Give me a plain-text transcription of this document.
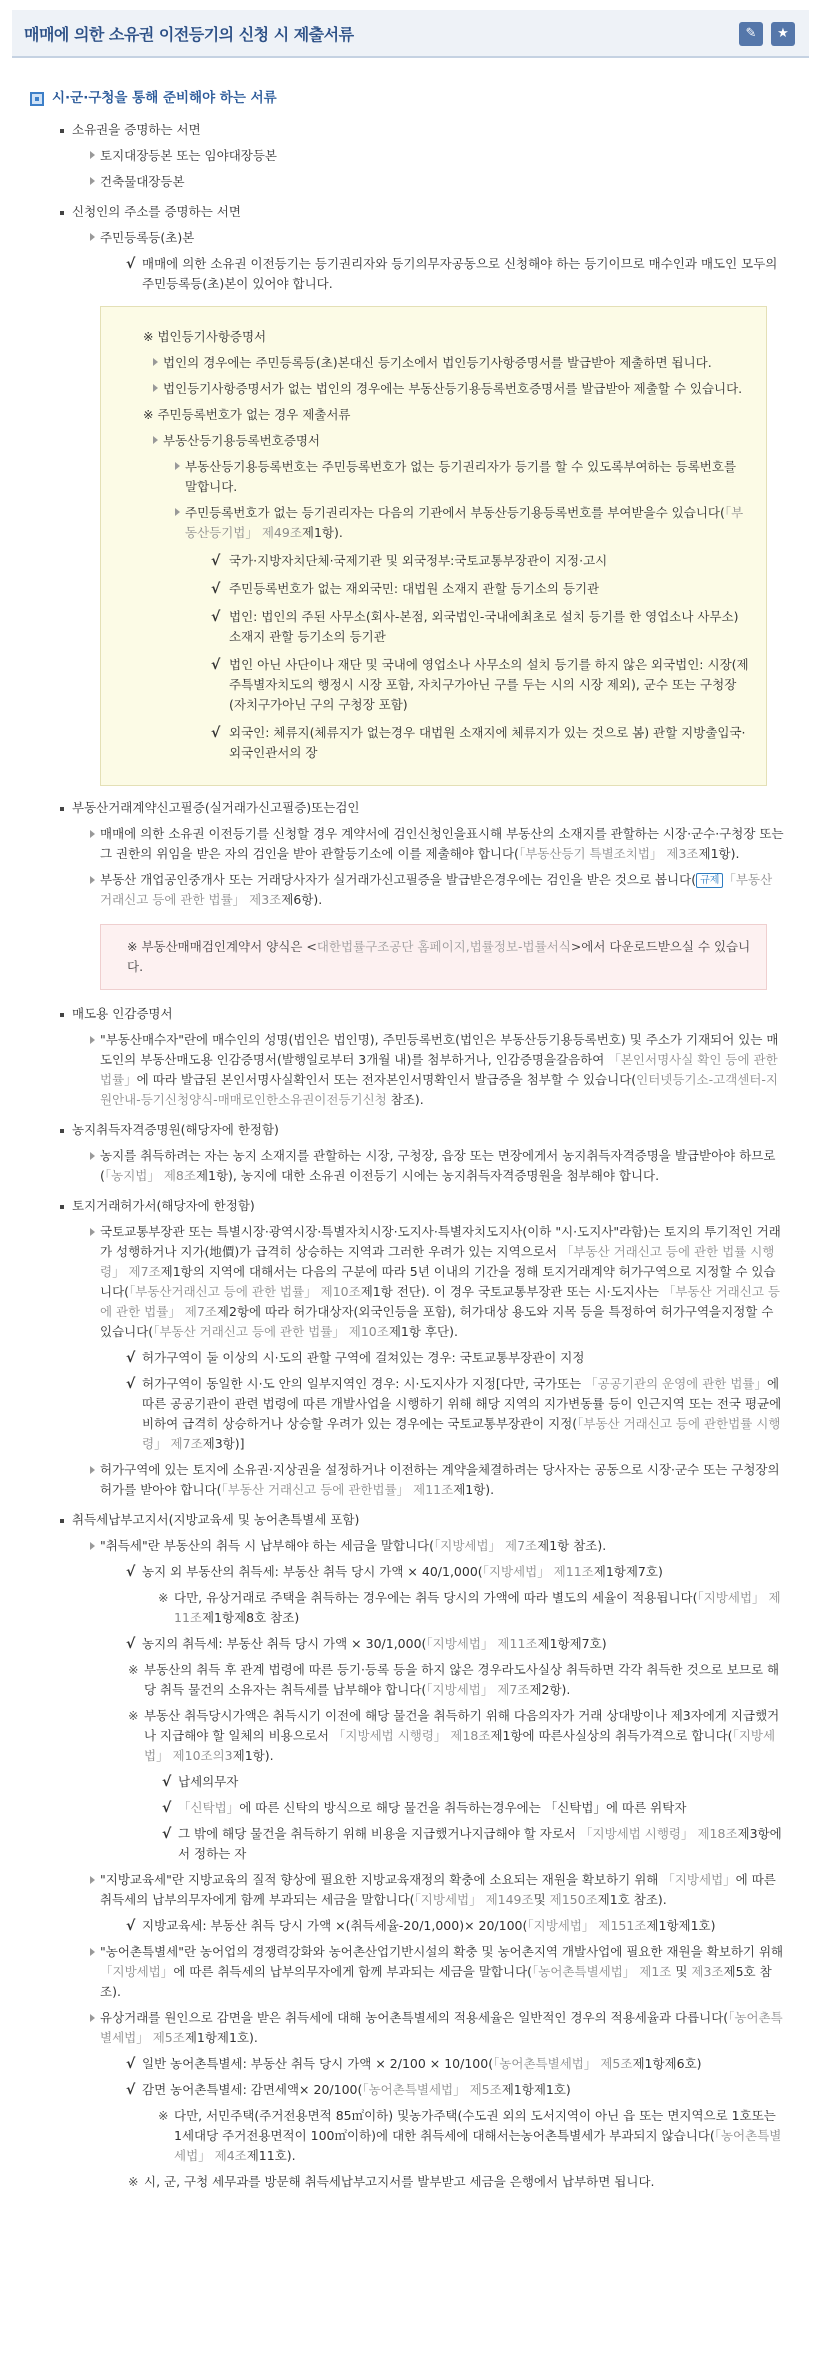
매매에 의한 소유권 이전등기의 신청 시 제출서류	✎	★
시·군·구청을 통해 준비해야 하는 서류
소유권을 증명하는 서면
토지대장등본 또는 임야대장등본
건축물대장등본
신청인의 주소를 증명하는 서면
주민등록등(초)본
√ 매매에 의한 소유권 이전등기는 등기권리자와 등기의무자공동으로 신청해야 하는 등기이므로 매수인과 매도인 모두의 주민등록등(초)본이 있어야 합니다.
※ 법인등기사항증명서
법인의 경우에는 주민등록등(초)본대신 등기소에서 법인등기사항증명서를 발급받아 제출하면 됩니다.
법인등기사항증명서가 없는 법인의 경우에는 부동산등기용등록번호증명서를 발급받아 제출할 수 있습니다.
※ 주민등록번호가 없는 경우 제출서류
부동산등기용등록번호증명서
부동산등기용등록번호는 주민등록번호가 없는 등기권리자가 등기를 할 수 있도록부여하는 등록번호를 말합니다.
주민등록번호가 없는 등기권리자는 다음의 기관에서 부동산등기용등록번호를 부여받을수 있습니다(「부동산등기법」 제49조제1항).
√ 국가·지방자치단체·국제기관 및 외국정부:국토교통부장관이 지정·고시
√ 주민등록번호가 없는 재외국민: 대법원 소재지 관할 등기소의 등기관
√ 법인: 법인의 주된 사무소(회사-본점, 외국법인-국내에최초로 설치 등기를 한 영업소나 사무소) 소재지 관할 등기소의 등기관
√ 법인 아닌 사단이나 재단 및 국내에 영업소나 사무소의 설치 등기를 하지 않은 외국법인: 시장(제주특별자치도의 행정시 시장 포함, 자치구가아닌 구를 두는 시의 시장 제외), 군수 또는 구청장(자치구가아닌 구의 구청장 포함)
√ 외국인: 체류지(체류지가 없는경우 대법원 소재지에 체류지가 있는 것으로 봄) 관할 지방출입국·외국인관서의 장
부동산거래계약신고필증(실거래가신고필증)또는검인
매매에 의한 소유권 이전등기를 신청할 경우 계약서에 검인신청인을표시해 부동산의 소재지를 관할하는 시장·군수·구청장 또는 그 권한의 위임을 받은 자의 검인을 받아 관할등기소에 이를 제출해야 합니다(「부동산등기 특별조치법」 제3조제1항).
부동산 개업공인중개사 또는 거래당사자가 실거래가신고필증을 발급받은경우에는 검인을 받은 것으로 봅니다( 규제 「부동산 거래신고 등에 관한 법률」 제3조제6항).
※ 부동산매매검인계약서 양식은 <대한법률구조공단 홈페이지,법률정보-법률서식>에서 다운로드받으실 수 있습니다.
매도용 인감증명서
"부동산매수자"란에 매수인의 성명(법인은 법인명), 주민등록번호(법인은 부동산등기용등록번호) 및 주소가 기재되어 있는 매도인의 부동산매도용 인감증명서(발행일로부터 3개월 내)를 첨부하거나, 인감증명을갈음하여 「본인서명사실 확인 등에 관한 법률」에 따라 발급된 본인서명사실확인서 또는 전자본인서명확인서 발급증을 첨부할 수 있습니다(인터넷등기소-고객센터-지원안내-등기신청양식-매매로인한소유권이전등기신청 참조).
농지취득자격증명원(해당자에 한정함)
농지를 취득하려는 자는 농지 소재지를 관할하는 시장, 구청장, 읍장 또는 면장에게서 농지취득자격증명을 발급받아야 하므로(「농지법」 제8조제1항), 농지에 대한 소유권 이전등기 시에는 농지취득자격증명원을 첨부해야 합니다.
토지거래허가서(해당자에 한정함)
국토교통부장관 또는 특별시장·광역시장·특별자치시장·도지사·특별자치도지사(이하 "시·도지사"라함)는 토지의 투기적인 거래가 성행하거나 지가(地價)가 급격히 상승하는 지역과 그러한 우려가 있는 지역으로서 「부동산 거래신고 등에 관한 법률 시행령」 제7조제1항의 지역에 대해서는 다음의 구분에 따라 5년 이내의 기간을 정해 토지거래계약 허가구역으로 지정할 수 있습니다(「부동산거래신고 등에 관한 법률」 제10조제1항 전단). 이 경우 국토교통부장관 또는 시·도지사는 「부동산 거래신고 등에 관한 법률」 제7조제2항에 따라 허가대상자(외국인등을 포함), 허가대상 용도와 지목 등을 특정하여 허가구역을지정할 수 있습니다(「부동산 거래신고 등에 관한 법률」 제10조제1항 후단).
√ 허가구역이 둘 이상의 시·도의 관할 구역에 걸쳐있는 경우: 국토교통부장관이 지정
√ 허가구역이 동일한 시·도 안의 일부지역인 경우: 시·도지사가 지정[다만, 국가또는 「공공기관의 운영에 관한 법률」에 따른 공공기관이 관련 법령에 따른 개발사업을 시행하기 위해 해당 지역의 지가변동률 등이 인근지역 또는 전국 평균에비하여 급격히 상승하거나 상승할 우려가 있는 경우에는 국토교통부장관이 지정(「부동산 거래신고 등에 관한법률 시행령」 제7조제3항)]
허가구역에 있는 토지에 소유권·지상권을 설정하거나 이전하는 계약을체결하려는 당사자는 공동으로 시장·군수 또는 구청장의 허가를 받아야 합니다(「부동산 거래신고 등에 관한법률」 제11조제1항).
취득세납부고지서(지방교육세 및 농어촌특별세 포함)
"취득세"란 부동산의 취득 시 납부해야 하는 세금을 말합니다(「지방세법」 제7조제1항 참조).
√ 농지 외 부동산의 취득세: 부동산 취득 당시 가액 × 40/1,000(「지방세법」 제11조제1항제7호)
※ 다만, 유상거래로 주택을 취득하는 경우에는 취득 당시의 가액에 따라 별도의 세율이 적용됩니다(「지방세법」 제11조제1항제8호 참조)
√ 농지의 취득세: 부동산 취득 당시 가액 × 30/1,000(「지방세법」 제11조제1항제7호)
※ 부동산의 취득 후 관계 법령에 따른 등기·등록 등을 하지 않은 경우라도사실상 취득하면 각각 취득한 것으로 보므로 해당 취득 물건의 소유자는 취득세를 납부해야 합니다(「지방세법」 제7조제2항).
※ 부동산 취득당시가액은 취득시기 이전에 해당 물건을 취득하기 위해 다음의자가 거래 상대방이나 제3자에게 지급했거나 지급해야 할 일체의 비용으로서 「지방세법 시행령」 제18조제1항에 따른사실상의 취득가격으로 합니다(「지방세법」 제10조의3제1항).
√ 납세의무자
√ 「신탁법」에 따른 신탁의 방식으로 해당 물건을 취득하는경우에는 「신탁법」에 따른 위탁자
√ 그 밖에 해당 물건을 취득하기 위해 비용을 지급했거나지급해야 할 자로서 「지방세법 시행령」 제18조제3항에서 정하는 자
"지방교육세"란 지방교육의 질적 향상에 필요한 지방교육재정의 확충에 소요되는 재원을 확보하기 위해 「지방세법」에 따른 취득세의 납부의무자에게 함께 부과되는 세금을 말합니다(「지방세법」 제149조및 제150조제1호 참조).
√ 지방교육세: 부동산 취득 당시 가액 ×(취득세율-20/1,000)× 20/100(「지방세법」 제151조제1항제1호)
"농어촌특별세"란 농어업의 경쟁력강화와 농어촌산업기반시설의 확충 및 농어촌지역 개발사업에 필요한 재원을 확보하기 위해 「지방세법」에 따른 취득세의 납부의무자에게 함께 부과되는 세금을 말합니다(「농어촌특별세법」 제1조 및 제3조제5호 참조).
유상거래를 원인으로 감면을 받은 취득세에 대해 농어촌특별세의 적용세율은 일반적인 경우의 적용세율과 다릅니다(「농어촌특별세법」 제5조제1항제1호).
√ 일반 농어촌특별세: 부동산 취득 당시 가액 × 2/100 × 10/100(「농어촌특별세법」 제5조제1항제6호)
√ 감면 농어촌특별세: 감면세액× 20/100(「농어촌특별세법」 제5조제1항제1호)
※ 다만, 서민주택(주거전용면적 85㎡이하) 및농가주택(수도권 외의 도서지역이 아닌 읍 또는 면지역으로 1호또는 1세대당 주거전용면적이 100㎡이하)에 대한 취득세에 대해서는농어촌특별세가 부과되지 않습니다(「농어촌특별세법」 제4조제11호).
※ 시, 군, 구청 세무과를 방문해 취득세납부고지서를 발부받고 세금을 은행에서 납부하면 됩니다.
